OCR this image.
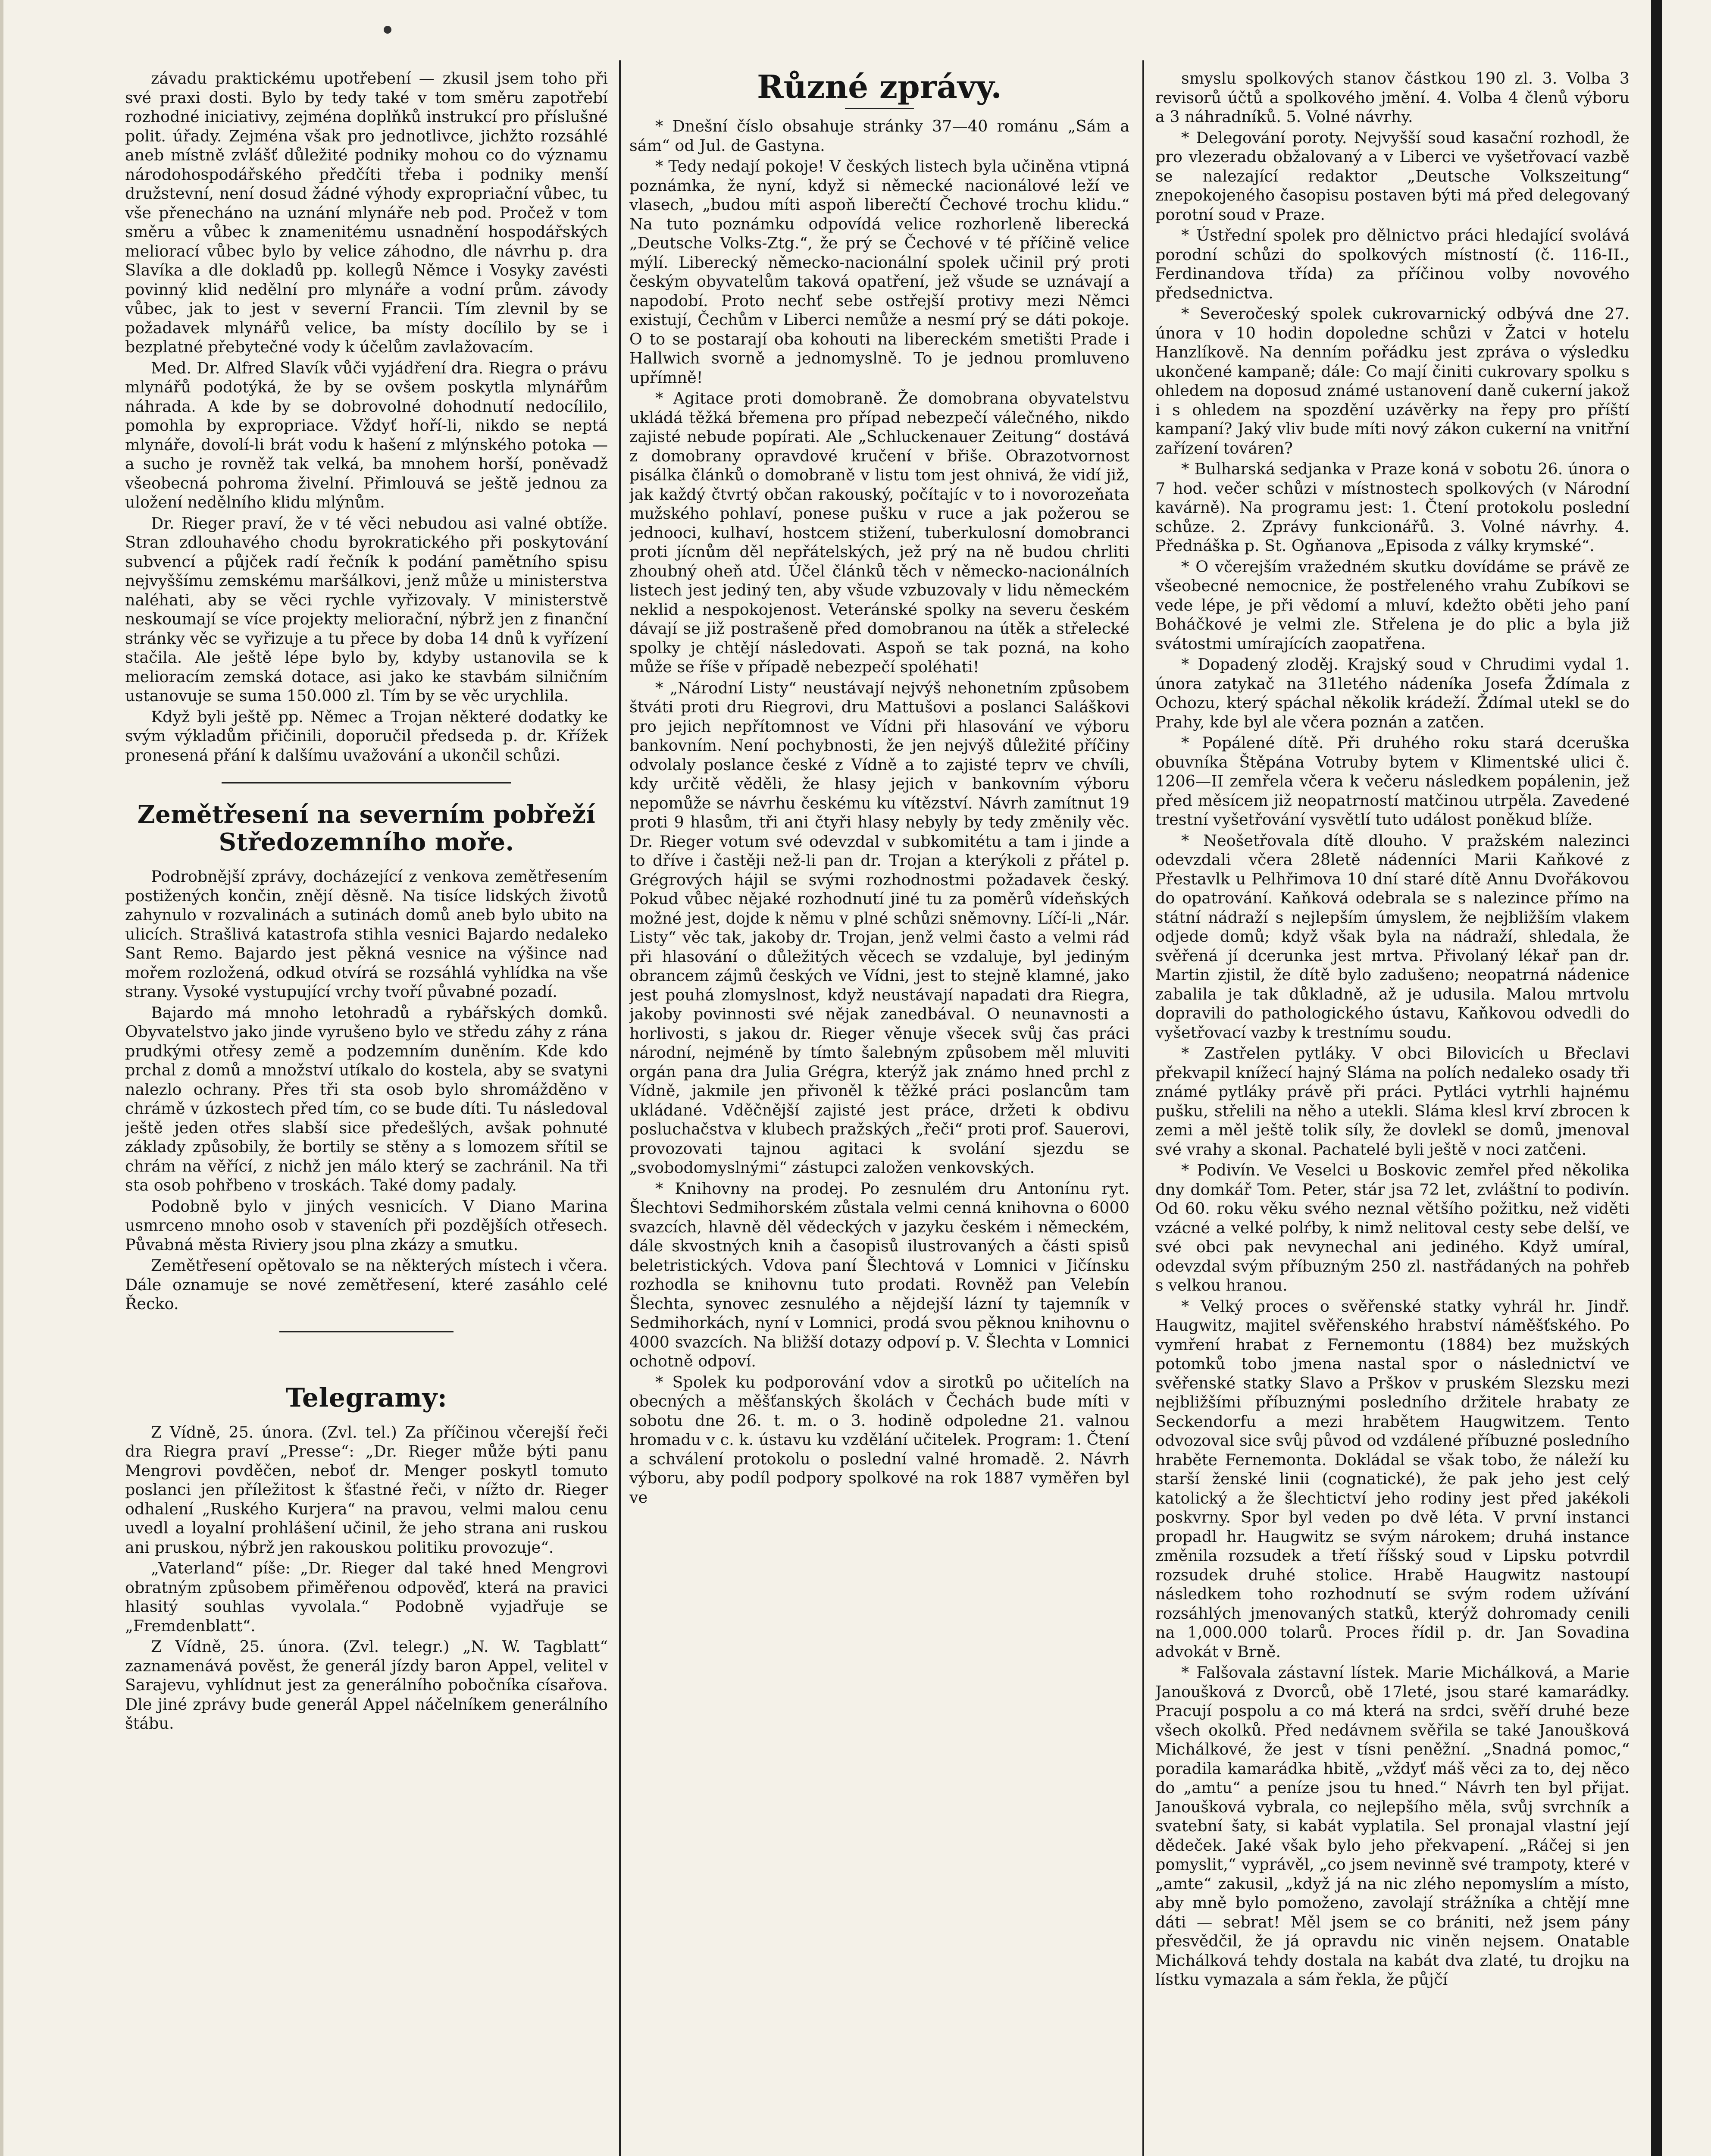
závadu praktickému upotřebení — zkusil jsem toho při své praxi dosti. Bylo by tedy také v tom směru zapotřebí rozhodné iniciativy, zejména doplňků instrukcí pro příslušné polit. úřady. Zejména však pro jednotlivce, jichžto rozsáhlé aneb místně zvlášť důležité podniky mohou co do významu národohospodářského předčíti třeba i podniky menší družstevní, není dosud žádné výhody expropriační vůbec, tu vše přenecháno na uznání mlynáře neb pod. Pročež v tom směru a vůbec k znamenitému usnadnění hospodářských meliorací vůbec bylo by velice záhodno, dle návrhu p. dra Slavíka a dle dokladů pp. kollegů Němce i Vosyky zavésti povinný klid nedělní pro mlynáře a vodní prům. závody vůbec, jak to jest v severní Francii. Tím zlevnil by se požadavek mlynářů velice, ba místy docílilo by se i bezplatné přebytečné vody k účelům zavlažovacím.

Med. Dr. Alfred Slavík vůči vyjádření dra. Riegra o právu mlynářů podotýká, že by se ovšem poskytla mlynářům náhrada. A kde by se dobrovolné dohodnutí nedocílilo, pomohla by expropriace. Vždyť hoří-li, nikdo se neptá mlynáře, dovolí-li brát vodu k hašení z mlýnského potoka — a sucho je rovněž tak velká, ba mnohem horší, poněvadž všeobecná pohroma živelní. Přimlouvá se ještě jednou za uložení nedělního klidu mlýnům.

Dr. Rieger praví, že v té věci nebudou asi valné obtíže. Stran zdlouhavého chodu byrokratického při poskytování subvencí a půjček radí řečník k podání pamětního spisu nejvyššímu zemskému maršálkovi, jenž může u ministerstva naléhati, aby se věci rychle vyřizovaly. V ministerstvě neskoumají se více projekty meliorační, nýbrž jen z finanční stránky věc se vyřizuje a tu přece by doba 14 dnů k vyřízení stačila. Ale ještě lépe bylo by, kdyby ustanovila se k melioracím zemská dotace, asi jako ke stavbám silničním ustanovuje se suma 150.000 zl. Tím by se věc urychlila.

Když byli ještě pp. Němec a Trojan některé dodatky ke svým výkladům přičinili, doporučil předseda p. dr. Křížek pronesená přání k dalšímu uvažování a ukončil schůzi.

Zemětřesení na severním pobřeží Středozemního moře.

Podrobnější zprávy, docházející z venkova zemětřesením postižených končin, znějí děsně. Na tisíce lidských životů zahynulo v rozvalinách a sutinách domů aneb bylo ubito na ulicích. Strašlivá katastrofa stihla vesnici Bajardo nedaleko Sant Remo. Bajardo jest pěkná vesnice na výšince nad mořem rozložená, odkud otvírá se rozsáhlá vyhlídka na vše strany. Vysoké vystupující vrchy tvoří půvabné pozadí.

Bajardo má mnoho letohradů a rybářských domků. Obyvatelstvo jako jinde vyrušeno bylo ve středu záhy z rána prudkými otřesy země a podzemním duněním. Kde kdo prchal z domů a množství utíkalo do kostela, aby se svatyni nalezlo ochrany. Přes tři sta osob bylo shromážděno v chrámě v úzkostech před tím, co se bude díti. Tu následoval ještě jeden otřes slabší sice předešlých, avšak pohnuté základy způsobily, že bortily se stěny a s lomozem sřítil se chrám na věřící, z nichž jen málo který se zachránil. Na tři sta osob pohřbeno v troskách. Také domy padaly.

Podobně bylo v jiných vesnicích. V Diano Marina usmrceno mnoho osob v staveních při pozdějších otřesech. Půvabná města Riviery jsou plna zkázy a smutku.

Zemětřesení opětovalo se na některých místech i včera. Dále oznamuje se nové zemětřesení, které zasáhlo celé Řecko.

Telegramy:

Z Vídně, 25. února. (Zvl. tel.) Za příčinou včerejší řeči dra Riegra praví „Presse“: „Dr. Rieger může býti panu Mengrovi povděčen, neboť dr. Menger poskytl tomuto poslanci jen příležitost k šťastné řeči, v nížto dr. Rieger odhalení „Ruského Kurjera“ na pravou, velmi malou cenu uvedl a loyalní prohlášení učinil, že jeho strana ani ruskou ani pruskou, nýbrž jen rakouskou politiku provozuje“.

„Vaterland“ píše: „Dr. Rieger dal také hned Mengrovi obratným způsobem přiměřenou odpověď, která na pravici hlasitý souhlas vyvolala.“ Podobně vyjadřuje se „Fremdenblatt“.

Z Vídně, 25. února. (Zvl. telegr.) „N. W. Tagblatt“ zaznamenává pověst, že generál jízdy baron Appel, velitel v Sarajevu, vyhlídnut jest za generálního pobočníka císařova. Dle jiné zprávy bude generál Appel náčelníkem generálního štábu.

Různé zprávy.

* Dnešní číslo obsahuje stránky 37—40 románu „Sám a sám“ od Jul. de Gastyna.

* Tedy nedají pokoje! V českých listech byla učiněna vtipná poznámka, že nyní, když si německé nacionálové leží ve vlasech, „budou míti aspoň liberečtí Čechové trochu klidu.“ Na tuto poznámku odpovídá velice rozhorleně liberecká „Deutsche Volks-Ztg.“, že prý se Čechové v té příčině velice mýlí. Liberecký německo-nacionální spolek učinil prý proti českým obyvatelům taková opatření, jež všude se uznávají a napodobí. Proto nechť sebe ostřejší protivy mezi Němci existují, Čechům v Liberci nemůže a nesmí prý se dáti pokoje. O to se postarají oba kohouti na libereckém smetišti Prade i Hallwich svorně a jednomyslně. To je jednou promluveno upřímně!

* Agitace proti domobraně. Že domobrana obyvatelstvu ukládá těžká břemena pro případ nebezpečí válečného, nikdo zajisté nebude popírati. Ale „Schluckenauer Zeitung“ dostává z domobrany opravdové kručení v břiše. Obrazotvornost pisálka článků o domobraně v listu tom jest ohnivá, že vidí již, jak každý čtvrtý občan rakouský, počítajíc v to i novorozeňata mužského pohlaví, ponese pušku v ruce a jak požerou se jednooci, kulhaví, hostcem stižení, tuberkulosní domobranci proti jícnům děl nepřátelských, jež prý na ně budou chrliti zhoubný oheň atd. Účel článků těch v německo-nacionálních listech jest jediný ten, aby všude vzbuzovaly v lidu německém neklid a nespokojenost. Veteránské spolky na severu českém dávají se již postrašeně před domobranou na útěk a střelecké spolky je chtějí následovati. Aspoň se tak pozná, na koho může se říše v případě nebezpečí spoléhati!

* „Národní Listy“ neustávají nejvýš nehonetním způsobem štváti proti dru Riegrovi, dru Mattušovi a poslanci Saláškovi pro jejich nepřítomnost ve Vídni při hlasování ve výboru bankovním. Není pochybnosti, že jen nejvýš důležité příčiny odvolaly poslance české z Vídně a to zajisté teprv ve chvíli, kdy určitě věděli, že hlasy jejich v bankovním výboru nepomůže se návrhu českému ku vítězství. Návrh zamítnut 19 proti 9 hlasům, tři ani čtyři hlasy nebyly by tedy změnily věc. Dr. Rieger votum své odevzdal v subkomitétu a tam i jinde a to dříve i častěji než-li pan dr. Trojan a kterýkoli z přátel p. Grégrových hájil se svými rozhodnostmi požadavek český. Pokud vůbec nějaké rozhodnutí jiné tu za poměrů vídeňských možné jest, dojde k němu v plné schůzi sněmovny. Líčí-li „Nár. Listy“ věc tak, jakoby dr. Trojan, jenž velmi často a velmi rád při hlasování o důležitých věcech se vzdaluje, byl jediným obrancem zájmů českých ve Vídni, jest to stejně klamné, jako jest pouhá zlomyslnost, když neustávají napadati dra Riegra, jakoby povinnosti své nějak zanedbával. O neunavnosti a horlivosti, s jakou dr. Rieger věnuje všecek svůj čas práci národní, nejméně by tímto šalebným způsobem měl mluviti orgán pana dra Julia Grégra, kterýž jak známo hned prchl z Vídně, jakmile jen přivoněl k těžké práci poslancům tam ukládané. Vděčnější zajisté jest práce, držeti k obdivu posluchačstva v klubech pražských „řeči“ proti prof. Sauerovi, provozovati tajnou agitaci k svolání sjezdu se „svobodomyslnými“ zástupci založen venkovských.

* Knihovny na prodej. Po zesnulém dru Antonínu ryt. Šlechtovi Sedmihorském zůstala velmi cenná knihovna o 6000 svazcích, hlavně děl vědeckých v jazyku českém i německém, dále skvostných knih a časopisů ilustrovaných a části spisů beletristických. Vdova paní Šlechtová v Lomnici v Jičínsku rozhodla se knihovnu tuto prodati. Rovněž pan Velebín Šlechta, synovec zesnulého a nějdejší lázní ty tajemník v Sedmihorkách, nyní v Lomnici, prodá svou pěknou knihovnu o 4000 svazcích. Na bližší dotazy odpoví p. V. Šlechta v Lomnici ochotně odpoví.

* Spolek ku podporování vdov a sirotků po učitelích na obecných a měšťanských školách v Čechách bude míti v sobotu dne 26. t. m. o 3. hodině odpoledne 21. valnou hromadu v c. k. ústavu ku vzdělání učitelek. Program: 1. Čtení a schválení protokolu o poslední valné hromadě. 2. Návrh výboru, aby podíl podpory spolkové na rok 1887 vyměřen byl ve

smyslu spolkových stanov částkou 190 zl. 3. Volba 3 revisorů účtů a spolkového jmění. 4. Volba 4 členů výboru a 3 náhradníků. 5. Volné návrhy.

* Delegování poroty. Nejvyšší soud kasační rozhodl, že pro vlezeradu obžalovaný a v Liberci ve vyšetřovací vazbě se nalezající redaktor „Deutsche Volkszeitung“ znepokojeného časopisu postaven býti má před delegovaný porotní soud v Praze.

* Ústřední spolek pro dělnictvo práci hledající svolává porodní schůzi do spolkových místností (č. 116-II., Ferdinandova třída) za příčinou volby novového předsednictva.

* Severočeský spolek cukrovarnický odbývá dne 27. února v 10 hodin dopoledne schůzi v Žatci v hotelu Hanzlíkově. Na denním pořádku jest zpráva o výsledku ukončené kampaně; dále: Co mají činiti cukrovary spolku s ohledem na doposud známé ustanovení daně cukerní jakož i s ohledem na spozdění uzávěrky na řepy pro příští kampaní? Jaký vliv bude míti nový zákon cukerní na vnitřní zařízení továren?

* Bulharská sedjanka v Praze koná v sobotu 26. února o 7 hod. večer schůzi v místnostech spolkových (v Národní kavárně). Na programu jest: 1. Čtení protokolu poslední schůze. 2. Zprávy funkcionářů. 3. Volné návrhy. 4. Přednáška p. St. Ogňanova „Episoda z války krymské“.

* O včerejším vražedném skutku dovídáme se právě ze všeobecné nemocnice, že postřeleného vrahu Zubíkovi se vede lépe, je při vědomí a mluví, kdežto oběti jeho paní Boháčkové je velmi zle. Střelena je do plic a byla již svátostmi umírajících zaopatřena.

* Dopadený zloděj. Krajský soud v Chrudimi vydal 1. února zatykač na 31letého nádeníka Josefa Ždímala z Ochozu, který spáchal několik krádeží. Ždímal utekl se do Prahy, kde byl ale včera poznán a zatčen.

* Popálené dítě. Při druhého roku stará dceruška obuvníka Štěpána Votruby bytem v Klimentské ulici č. 1206—II zemřela včera k večeru následkem popálenin, jež před měsícem již neopatrností matčinou utrpěla. Zavedené trestní vyšetřování vysvětlí tuto událost poněkud blíže.

* Neošetřovala dítě dlouho. V pražském nalezinci odevzdali včera 28letě nádenníci Marii Kaňkové z Přestavlk u Pelhřimova 10 dní staré dítě Annu Dvořákovou do opatrování. Kaňková odebrala se s nalezince přímo na státní nádraží s nejlepším úmyslem, že nejbližším vlakem odjede domů; když však byla na nádraží, shledala, že svěřená jí dcerunka jest mrtva. Přivolaný lékař pan dr. Martin zjistil, že dítě bylo zadušeno; neopatrná nádenice zabalila je tak důkladně, až je udusila. Malou mrtvolu dopravili do pathologického ústavu, Kaňkovou odvedli do vyšetřovací vazby k trestnímu soudu.

* Zastřelen pytláky. V obci Bilovicích u Břeclavi překvapil knížecí hajný Sláma na polích nedaleko osady tři známé pytláky právě při práci. Pytláci vytrhli hajnému pušku, střelili na něho a utekli. Sláma klesl krví zbrocen k zemi a měl ještě tolik síly, že dovlekl se domů, jmenoval své vrahy a skonal. Pachatelé byli ještě v noci zatčeni.

* Podivín. Ve Veselci u Boskovic zemřel před několika dny domkář Tom. Peter, stár jsa 72 let, zvláštní to podivín. Od 60. roku věku svého neznal většího požitku, než viděti vzácné a velké polŕby, k nimž nelitoval cesty sebe delší, ve své obci pak nevynechal ani jediného. Když umíral, odevzdal svým příbuzným 250 zl. nastřádaných na pohřeb s velkou hranou.

* Velký proces o svěřenské statky vyhrál hr. Jindř. Haugwitz, majitel svěřenského hrabství náměšťského. Po vymření hrabat z Fernemontu (1884) bez mužských potomků tobo jmena nastal spor o následnictví ve svěřenské statky Slavo a Prškov v pruském Slezsku mezi nejbližšími příbuznými posledního držitele hrabaty ze Seckendorfu a mezi hrabětem Haugwitzem. Tento odvozoval sice svůj původ od vzdálené příbuzné posledního hraběte Fernemonta. Dokládal se však tobo, že náleží ku starší ženské linii (cognatické), že pak jeho jest celý katolický a že šlechtictví jeho rodiny jest před jakékoli poskvrny. Spor byl veden po dvě léta. V první instanci propadl hr. Haugwitz se svým nárokem; druhá instance změnila rozsudek a třetí říšský soud v Lipsku potvrdil rozsudek druhé stolice. Hrabě Haugwitz nastoupí následkem toho rozhodnutí se svým rodem užívání rozsáhlých jmenovaných statků, kterýž dohromady cenili na 1,000.000 tolarů. Proces řídil p. dr. Jan Sovadina advokát v Brně.

* Falšovala zástavní lístek. Marie Michálková, a Marie Janoušková z Dvorců, obě 17leté, jsou staré kamarádky. Pracují pospolu a co má která na srdci, svěří druhé beze všech okolků. Před nedávnem svěřila se také Janoušková Michálkové, že jest v tísni peněžní. „Snadná pomoc,“ poradila kamarádka hbitě, „vždyť máš věci za to, dej něco do „amtu“ a peníze jsou tu hned.“ Návrh ten byl přijat. Janoušková vybrala, co nejlepšího měla, svůj svrchník a svatební šaty, si kabát vyplatila. Sel pronajal vlastní její dědeček. Jaké však bylo jeho překvapení. „Ráčej si jen pomyslit,“ vyprávěl, „co jsem nevinně své trampoty, které v „amte“ zakusil, „když já na nic zlého nepomyslím a místo, aby mně bylo pomoženo, zavolají strážníka a chtějí mne dáti — sebrat! Měl jsem se co brániti, než jsem pány přesvědčil, že já opravdu nic viněn nejsem. Onatable Michálková tehdy dostala na kabát dva zlaté, tu drojku na lístku vymazala a sám řekla, že půjčí
